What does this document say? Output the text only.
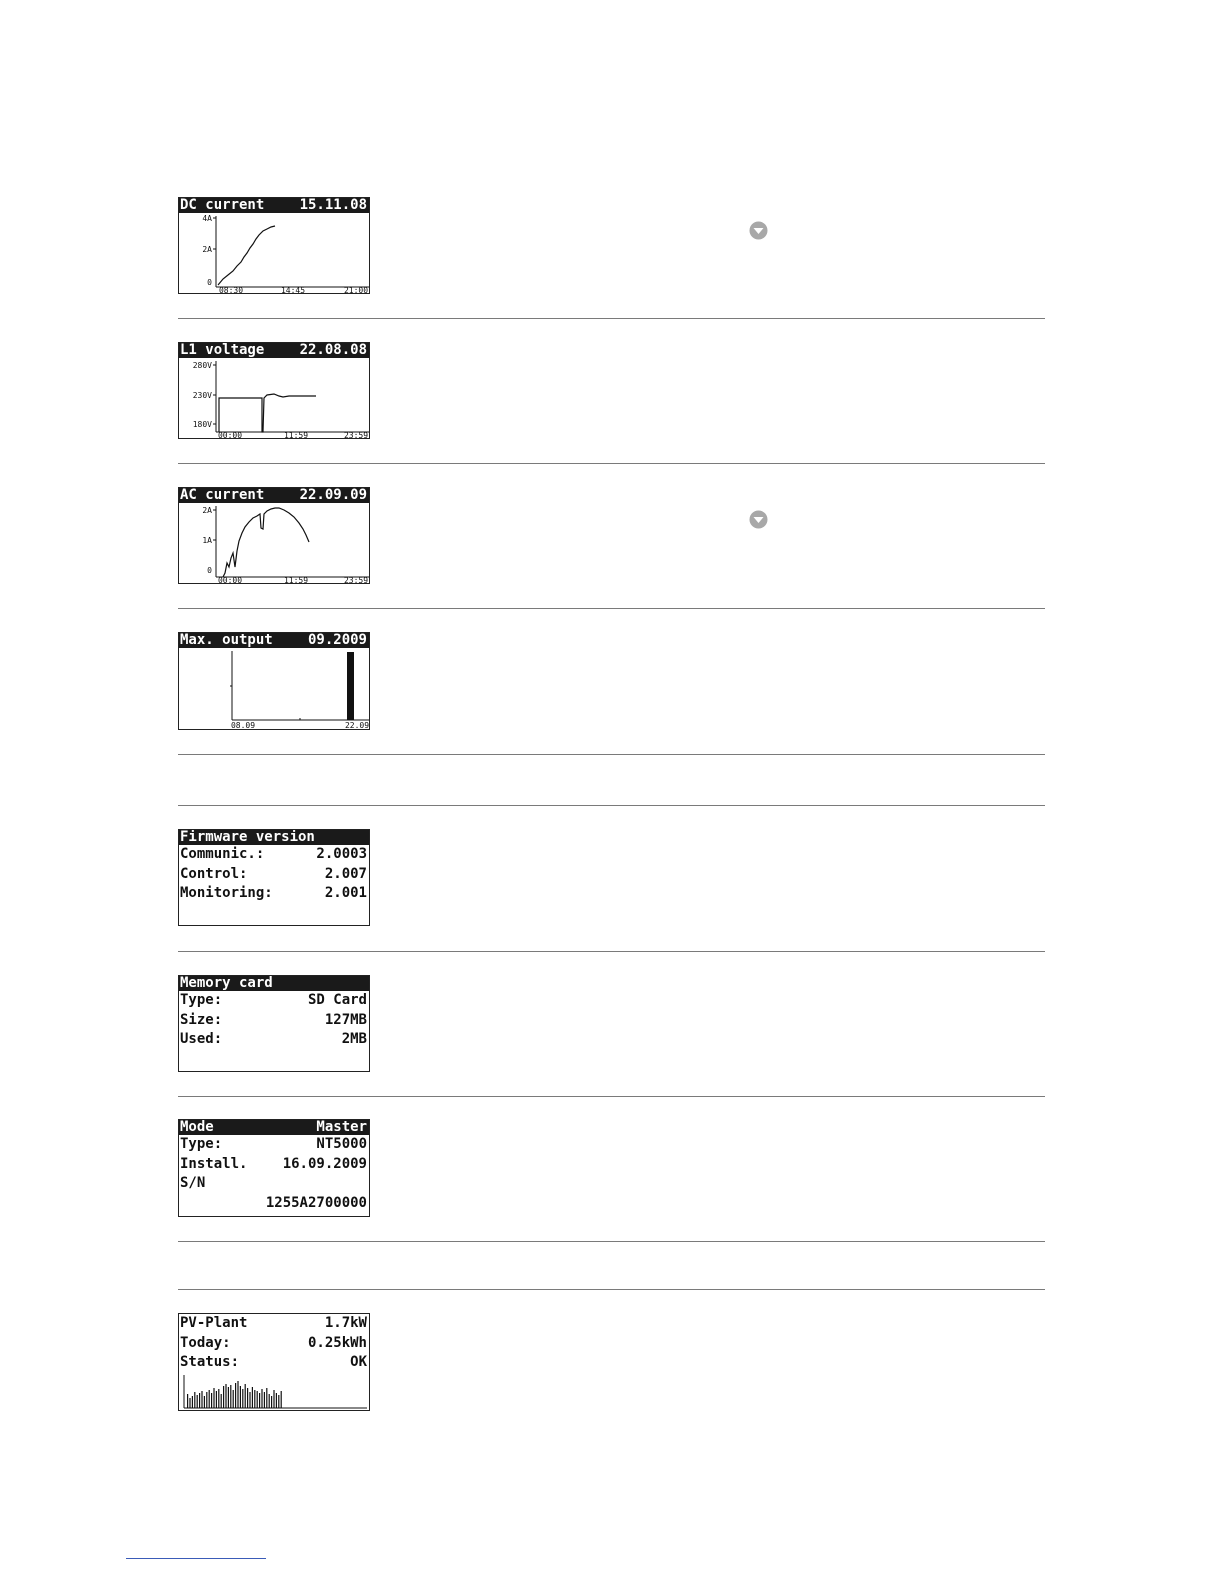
DC current	15.11.08
4A
2A
0
08:30	14:45	21:00
L1 voltage	22.08.08
280V
230V
180V
00:00	11:59	23:59
AC current	22.09.09
2A
1A
0
00:00	11:59	23:59
Max. output	09.2009
08.09	22.09
Firmware version
Communic.:	2.0003
Control:	2.007
Monitoring:	2.001
Memory card
Type:	SD Card
Size:	127MB
Used:	2MB
Mode	Master
Type:	NT5000
Install.	16.09.2009
S/N
1255A2700000
PV-Plant	1.7kW
Today:	0.25kWh
Status:	OK
